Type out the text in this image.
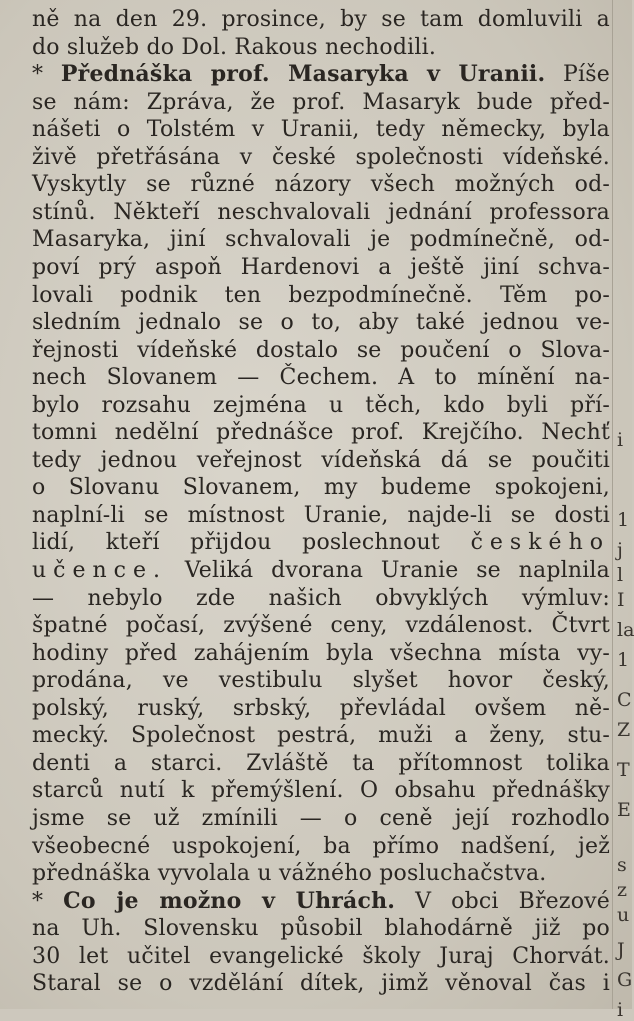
ně na den 29. prosince, by se tam domluvili a
do služeb do Dol. Rakous nechodili.
* Přednáška prof. Masaryka v Uranii. Píše
se nám: Zpráva, že prof. Masaryk bude před-
nášeti o Tolstém v Uranii, tedy německy, byla
živě přetřásána v české společnosti vídeňské.
Vyskytly se různé názory všech možných od-
stínů. Někteří neschvalovali jednání professora
Masaryka, jiní schvalovali je podmínečně, od-
poví prý aspoň Hardenovi a ještě jiní schva-
lovali podnik ten bezpodmínečně. Těm po-
sledním jednalo se o to, aby také jednou ve-
řejnosti vídeňské dostalo se poučení o Slova-
nech Slovanem — Čechem. A to mínění na-
bylo rozsahu zejména u těch, kdo byli pří-
tomni nedělní přednášce prof. Krejčího. Nechť
tedy jednou veřejnost vídeňská dá se poučiti
o Slovanu Slovanem, my budeme spokojeni,
naplní-li se místnost Uranie, najde-li se dosti
lidí, kteří přijdou poslechnout českého
učence. Veliká dvorana Uranie se naplnila
— nebylo zde našich obvyklých výmluv:
špatné počasí, zvýšené ceny, vzdálenost. Čtvrt
hodiny před zahájením byla všechna místa vy-
prodána, ve vestibulu slyšet hovor český,
polský, ruský, srbský, převládal ovšem ně-
mecký. Společnost pestrá, muži a ženy, stu-
denti a starci. Zvláště ta přítomnost tolika
starců nutí k přemýšlení. O obsahu přednášky
jsme se už zmínili — o ceně její rozhodlo
všeobecné uspokojení, ba přímo nadšení, jež
přednáška vyvolala u vážného posluchačstva.
* Co je možno v Uhrách. V obci Březové
na Uh. Slovensku působil blahodárně již po
30 let učitel evangelické školy Juraj Chorvát.
Staral se o vzdělání dítek, jimž věnoval čas i
i
1
j
l
I
la
1
C
Z
T
E
s
z
u
J
G
i
